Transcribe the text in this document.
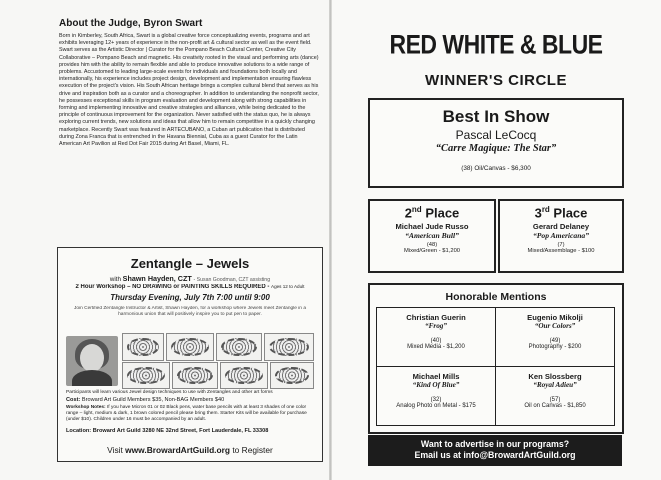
About the Judge, Byron Swart
Born in Kimberley, South Africa, Swart is a global creative force conceptualizing events, programs and art exhibits leveraging 12+ years of experience in the non-profit art & cultural sector as well as the event field. Swart serves as the Artistic Director | Curator for the Pompano Beach Cultural Center, Creative City Collaborative – Pompano Beach and magnetic. His creativity rooted in the visual and performing arts (dance) provides him with the ability to remain flexible and able to produce innovative solutions to a wide range of problems. Accustomed to leading large-scale events for individuals and foundations both locally and internationally, his experience includes project design, development and implementation ensuring flawless execution of the project's vision. His South African heritage brings a complex cultural blend that serves as his drive and inspiration both as a curator and a choreographer. In addition to understanding the nonprofit sector, he possesses exceptional skills in program evaluation and development along with strong capabilities in forming and implementing innovative and creative strategies and alliances, while being dedicated to the principle of continuous improvement for the organization. Never satisfied with the status quo, he is always exploring current trends, new solutions and ideas that allow him to remain competitive in a quickly changing marketplace. Recently Swart was featured in ARTECUBANO, a Cuban art publication that is distributed during Zona Franca that is entrenched in the Havana Biennial, Cuba as a guest Curator for the Latin American Art Pavilion at Red Dot Fair 2015 during Art Basel, Miami, FL.
Zentangle – Jewels
with Shawn Hayden, CZT - Susan Goodman, CZT assisting
2 Hour Workshop – NO DRAWING or PAINTING SKILLS REQUIRED - Ages 12 to Adult
Thursday Evening, July 7th 7:00 until 9:00
Join Certified Zentangle Instructor & Artist, Shawn Hayden, for a workshop where Jewels meet Zentangle in a harmonious union that will positively inspire you to put pen to paper.
Participants will learn various Jewel design techniques to use with Zentangles and other art forms
Cost: Broward Art Guild Members $35, Non-BAG Members $40
Workshop Notes: If you have Micron 01 or 02 Black pens, water base pencils with at least 3 shades of one color range – light, medium & dark, 1 brown colored pencil please bring them. Starter Kits will be available for purchase (under $10). Children under 16 must be accompanied by an adult.
Location: Broward Art Guild 3280 NE 32nd Street, Fort Lauderdale, FL 33308
Visit www.BrowardArtGuild.org to Register
RED WHITE & BLUE
WINNER'S CIRCLE
Best In Show
Pascal LeCocq
“Carre Magique: The Star”
(38) Oil/Canvas - $6,300
2nd Place
Michael Jude Russo
“American Bull”
(48)
Mixed/Green - $1,200
3rd Place
Gerard Delaney
“Pop Americana”
(7)
Mixed/Assemblage - $100
Honorable Mentions
Christian Guerin
“Frog”
(40)
Mixed Media - $1,200
Eugenio Mikolji
“Our Colors”
(49)
Photography - $200
Michael Mills
“Kind Of Blue”
(32)
Analog Photo on Metal - $175
Ken Slossberg
“Royal Adieu”
(57)
Oil on Canvas - $1,850
Want to advertise in our programs?
Email us at info@BrowardArtGuild.org
